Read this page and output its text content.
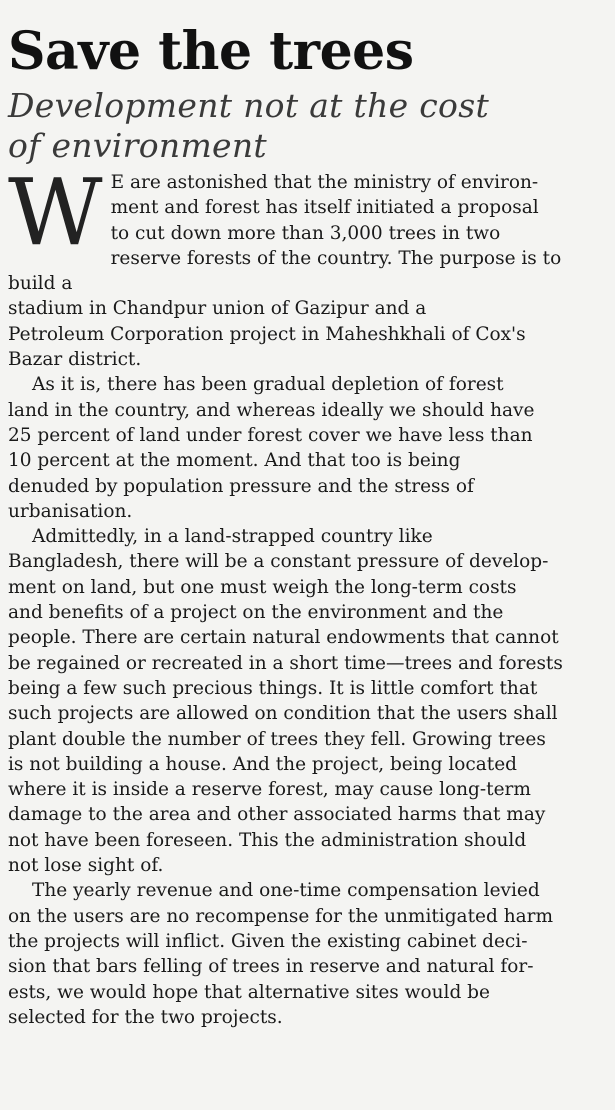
Save the trees
Development not at the cost
of environment

W E are astonished that the ministry of environ-
ment and forest has itself initiated a proposal
to cut down more than 3,000 trees in two
reserve forests of the country. The purpose is to build a
stadium in Chandpur union of Gazipur and a
Petroleum Corporation project in Maheshkhali of Cox's
Bazar district.

As it is, there has been gradual depletion of forest
land in the country, and whereas ideally we should have
25 percent of land under forest cover we have less than
10 percent at the moment. And that too is being
denuded by population pressure and the stress of
urbanisation.

Admittedly, in a land-strapped country like
Bangladesh, there will be a constant pressure of develop-
ment on land, but one must weigh the long-term costs
and benefits of a project on the environment and the
people. There are certain natural endowments that cannot
be regained or recreated in a short time—trees and forests
being a few such precious things. It is little comfort that
such projects are allowed on condition that the users shall
plant double the number of trees they fell. Growing trees
is not building a house. And the project, being located
where it is inside a reserve forest, may cause long-term
damage to the area and other associated harms that may
not have been foreseen. This the administration should
not lose sight of.

The yearly revenue and one-time compensation levied
on the users are no recompense for the unmitigated harm
the projects will inflict. Given the existing cabinet deci-
sion that bars felling of trees in reserve and natural for-
ests, we would hope that alternative sites would be
selected for the two projects.
